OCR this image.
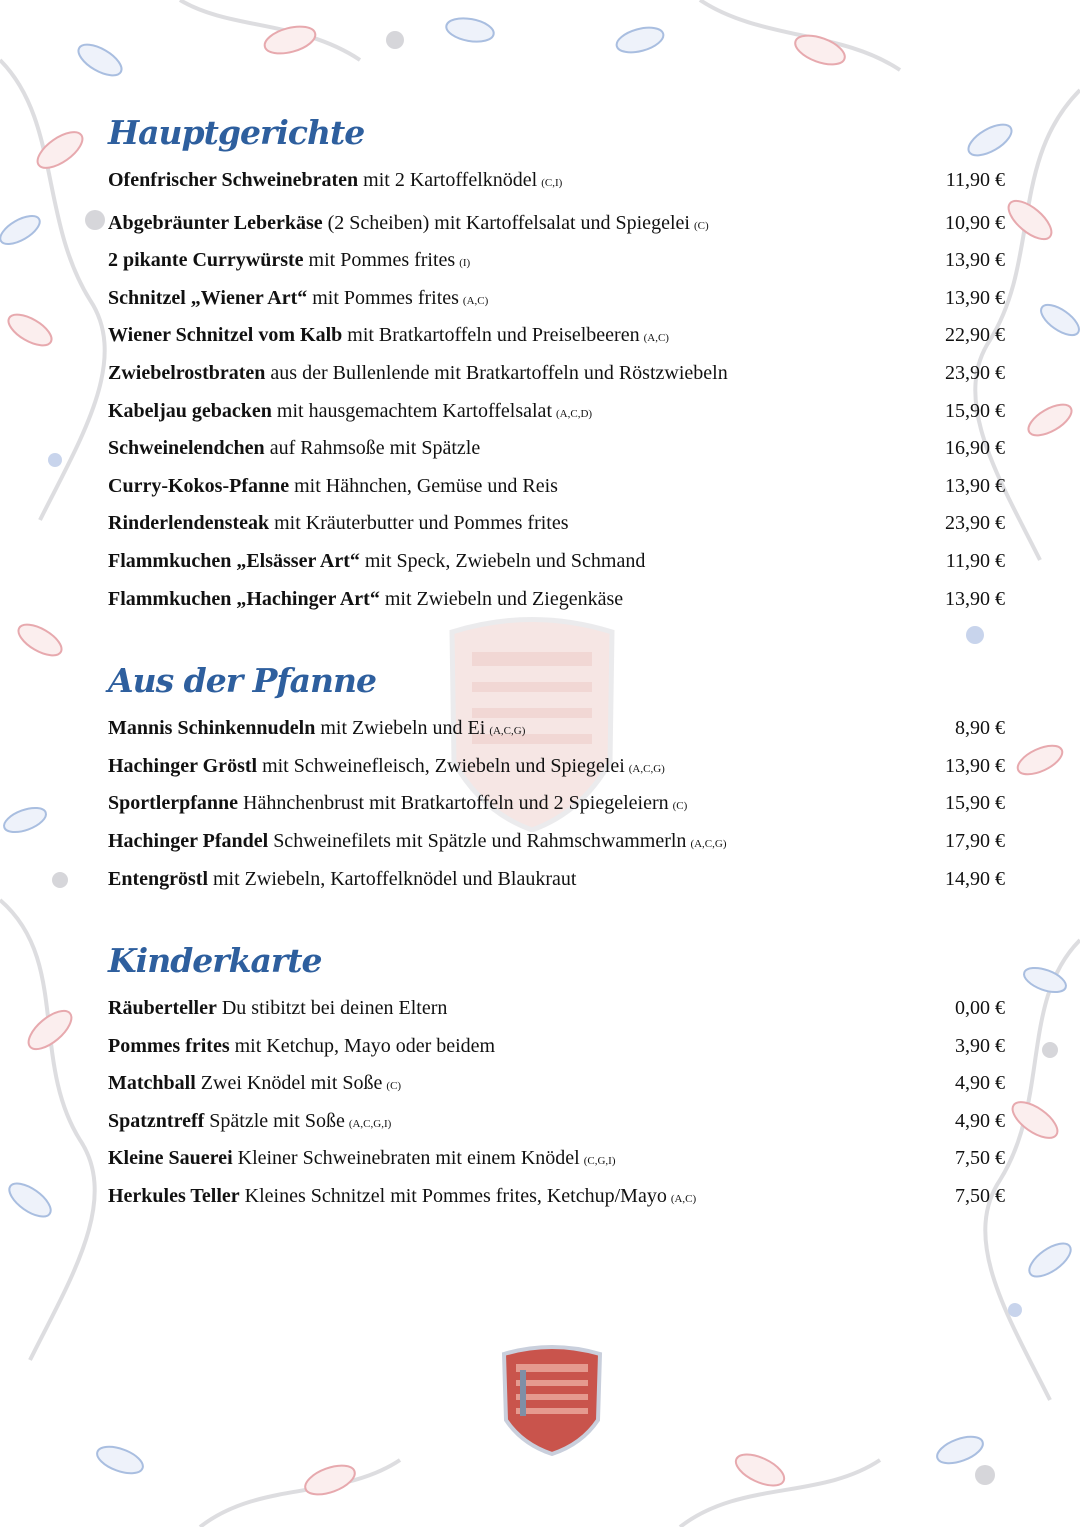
Hauptgerichte
Ofenfrischer Schweinebraten mit 2 Kartoffelknödel (C,I)	11,90 €
Abgebräunter Leberkäse (2 Scheiben) mit Kartoffelsalat und Spiegelei (C)	10,90 €
2 pikante Currywürste mit Pommes frites (I)	13,90 €
Schnitzel „Wiener Art“ mit Pommes frites (A,C)	13,90 €
Wiener Schnitzel vom Kalb mit Bratkartoffeln und Preiselbeeren (A,C)	22,90 €
Zwiebelrostbraten aus der Bullenlende mit Bratkartoffeln und Röstzwiebeln	23,90 €
Kabeljau gebacken mit hausgemachtem Kartoffelsalat (A,C,D)	15,90 €
Schweinelendchen auf Rahmsoße mit Spätzle	16,90 €
Curry-Kokos-Pfanne mit Hähnchen, Gemüse und Reis	13,90 €
Rinderlendensteak mit Kräuterbutter und Pommes frites	23,90 €
Flammkuchen „Elsässer Art“ mit Speck, Zwiebeln und Schmand	11,90 €
Flammkuchen „Hachinger Art“ mit Zwiebeln und Ziegenkäse	13,90 €
Aus der Pfanne
Mannis Schinkennudeln mit Zwiebeln und Ei (A,C,G)	8,90 €
Hachinger Gröstl mit Schweinefleisch, Zwiebeln und Spiegelei (A,C,G)	13,90 €
Sportlerpfanne Hähnchenbrust mit Bratkartoffeln und 2 Spiegeleiern (C)	15,90 €
Hachinger Pfandel Schweinefilets mit Spätzle und Rahmschwammerln (A,C,G)	17,90 €
Entengröstl mit Zwiebeln, Kartoffelknödel und Blaukraut	14,90 €
Kinderkarte
Räuberteller Du stibitzt bei deinen Eltern	0,00 €
Pommes frites mit Ketchup, Mayo oder beidem	3,90 €
Matchball Zwei Knödel mit Soße (C)	4,90 €
Spatzntreff Spätzle mit Soße (A,C,G,I)	4,90 €
Kleine Sauerei Kleiner Schweinebraten mit einem Knödel (C,G,I)	7,50 €
Herkules Teller Kleines Schnitzel mit Pommes frites, Ketchup/Mayo (A,C)	7,50 €
